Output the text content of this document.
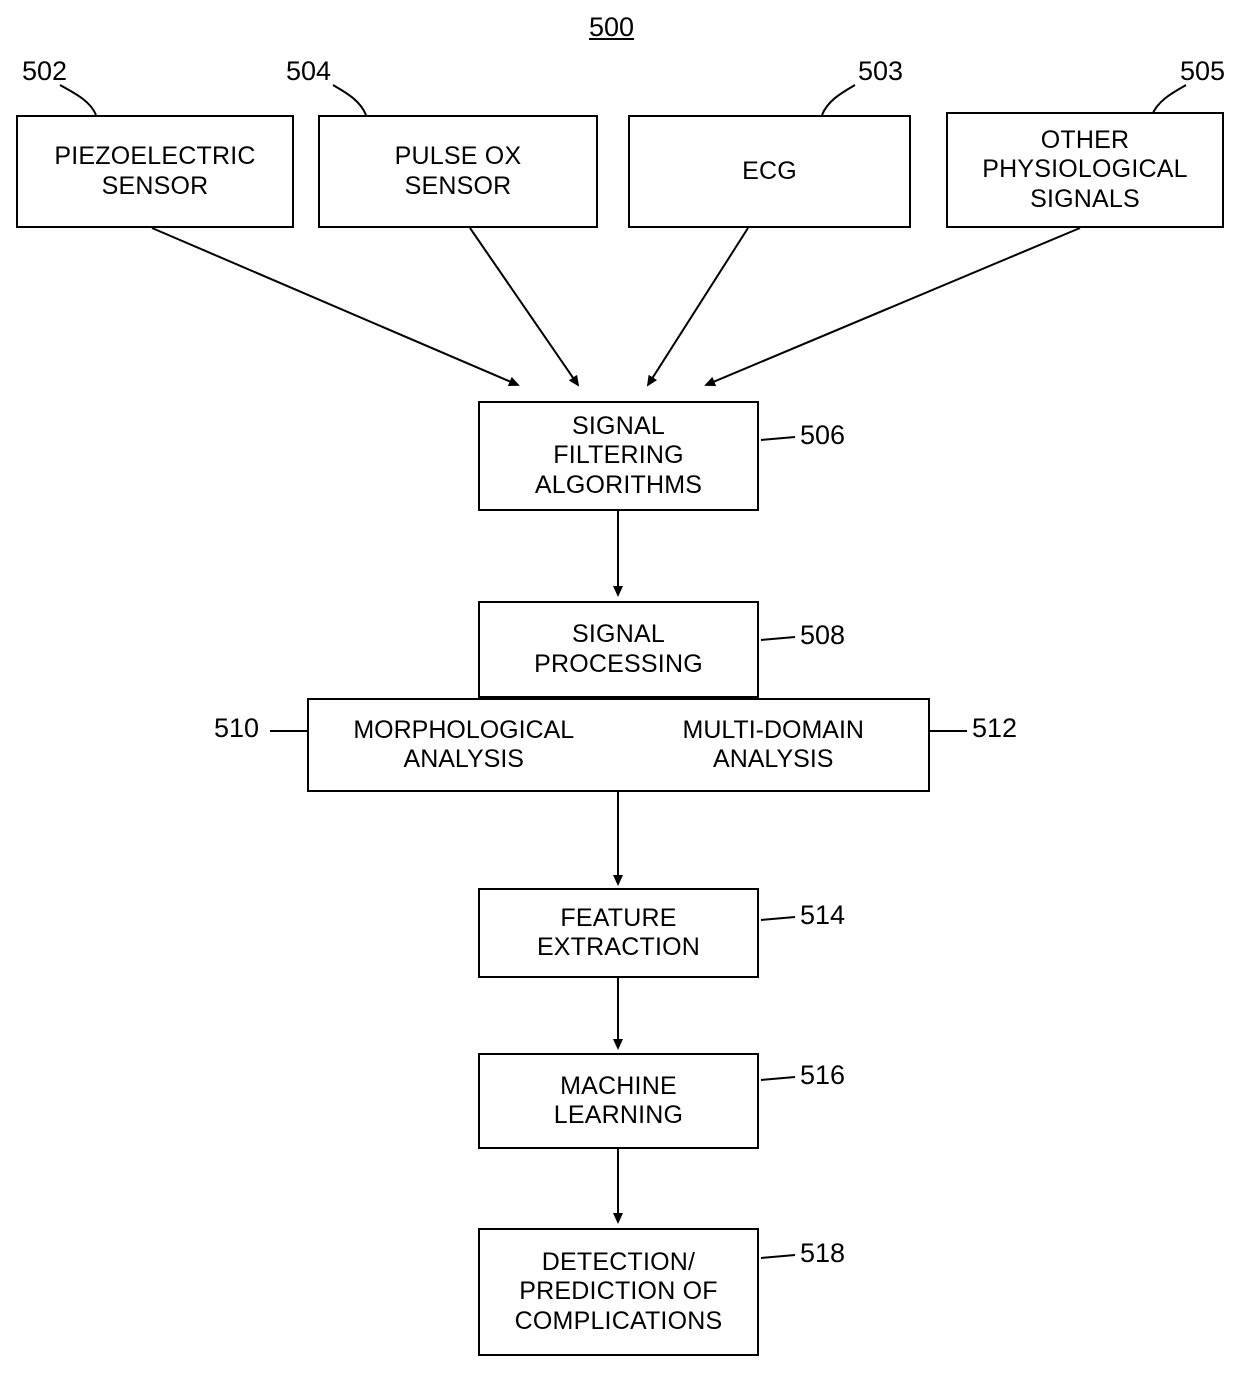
500
502	504	503	505
506
508
510	512
514
516
518
PIEZOELECTRIC
SENSOR
PULSE OX
SENSOR
ECG
OTHER
PHYSIOLOGICAL
SIGNALS
SIGNAL
FILTERING
ALGORITHMS
SIGNAL
PROCESSING
MORPHOLOGICAL
ANALYSIS
MULTI-DOMAIN
ANALYSIS
FEATURE
EXTRACTION
MACHINE
LEARNING
DETECTION/
PREDICTION OF
COMPLICATIONS
